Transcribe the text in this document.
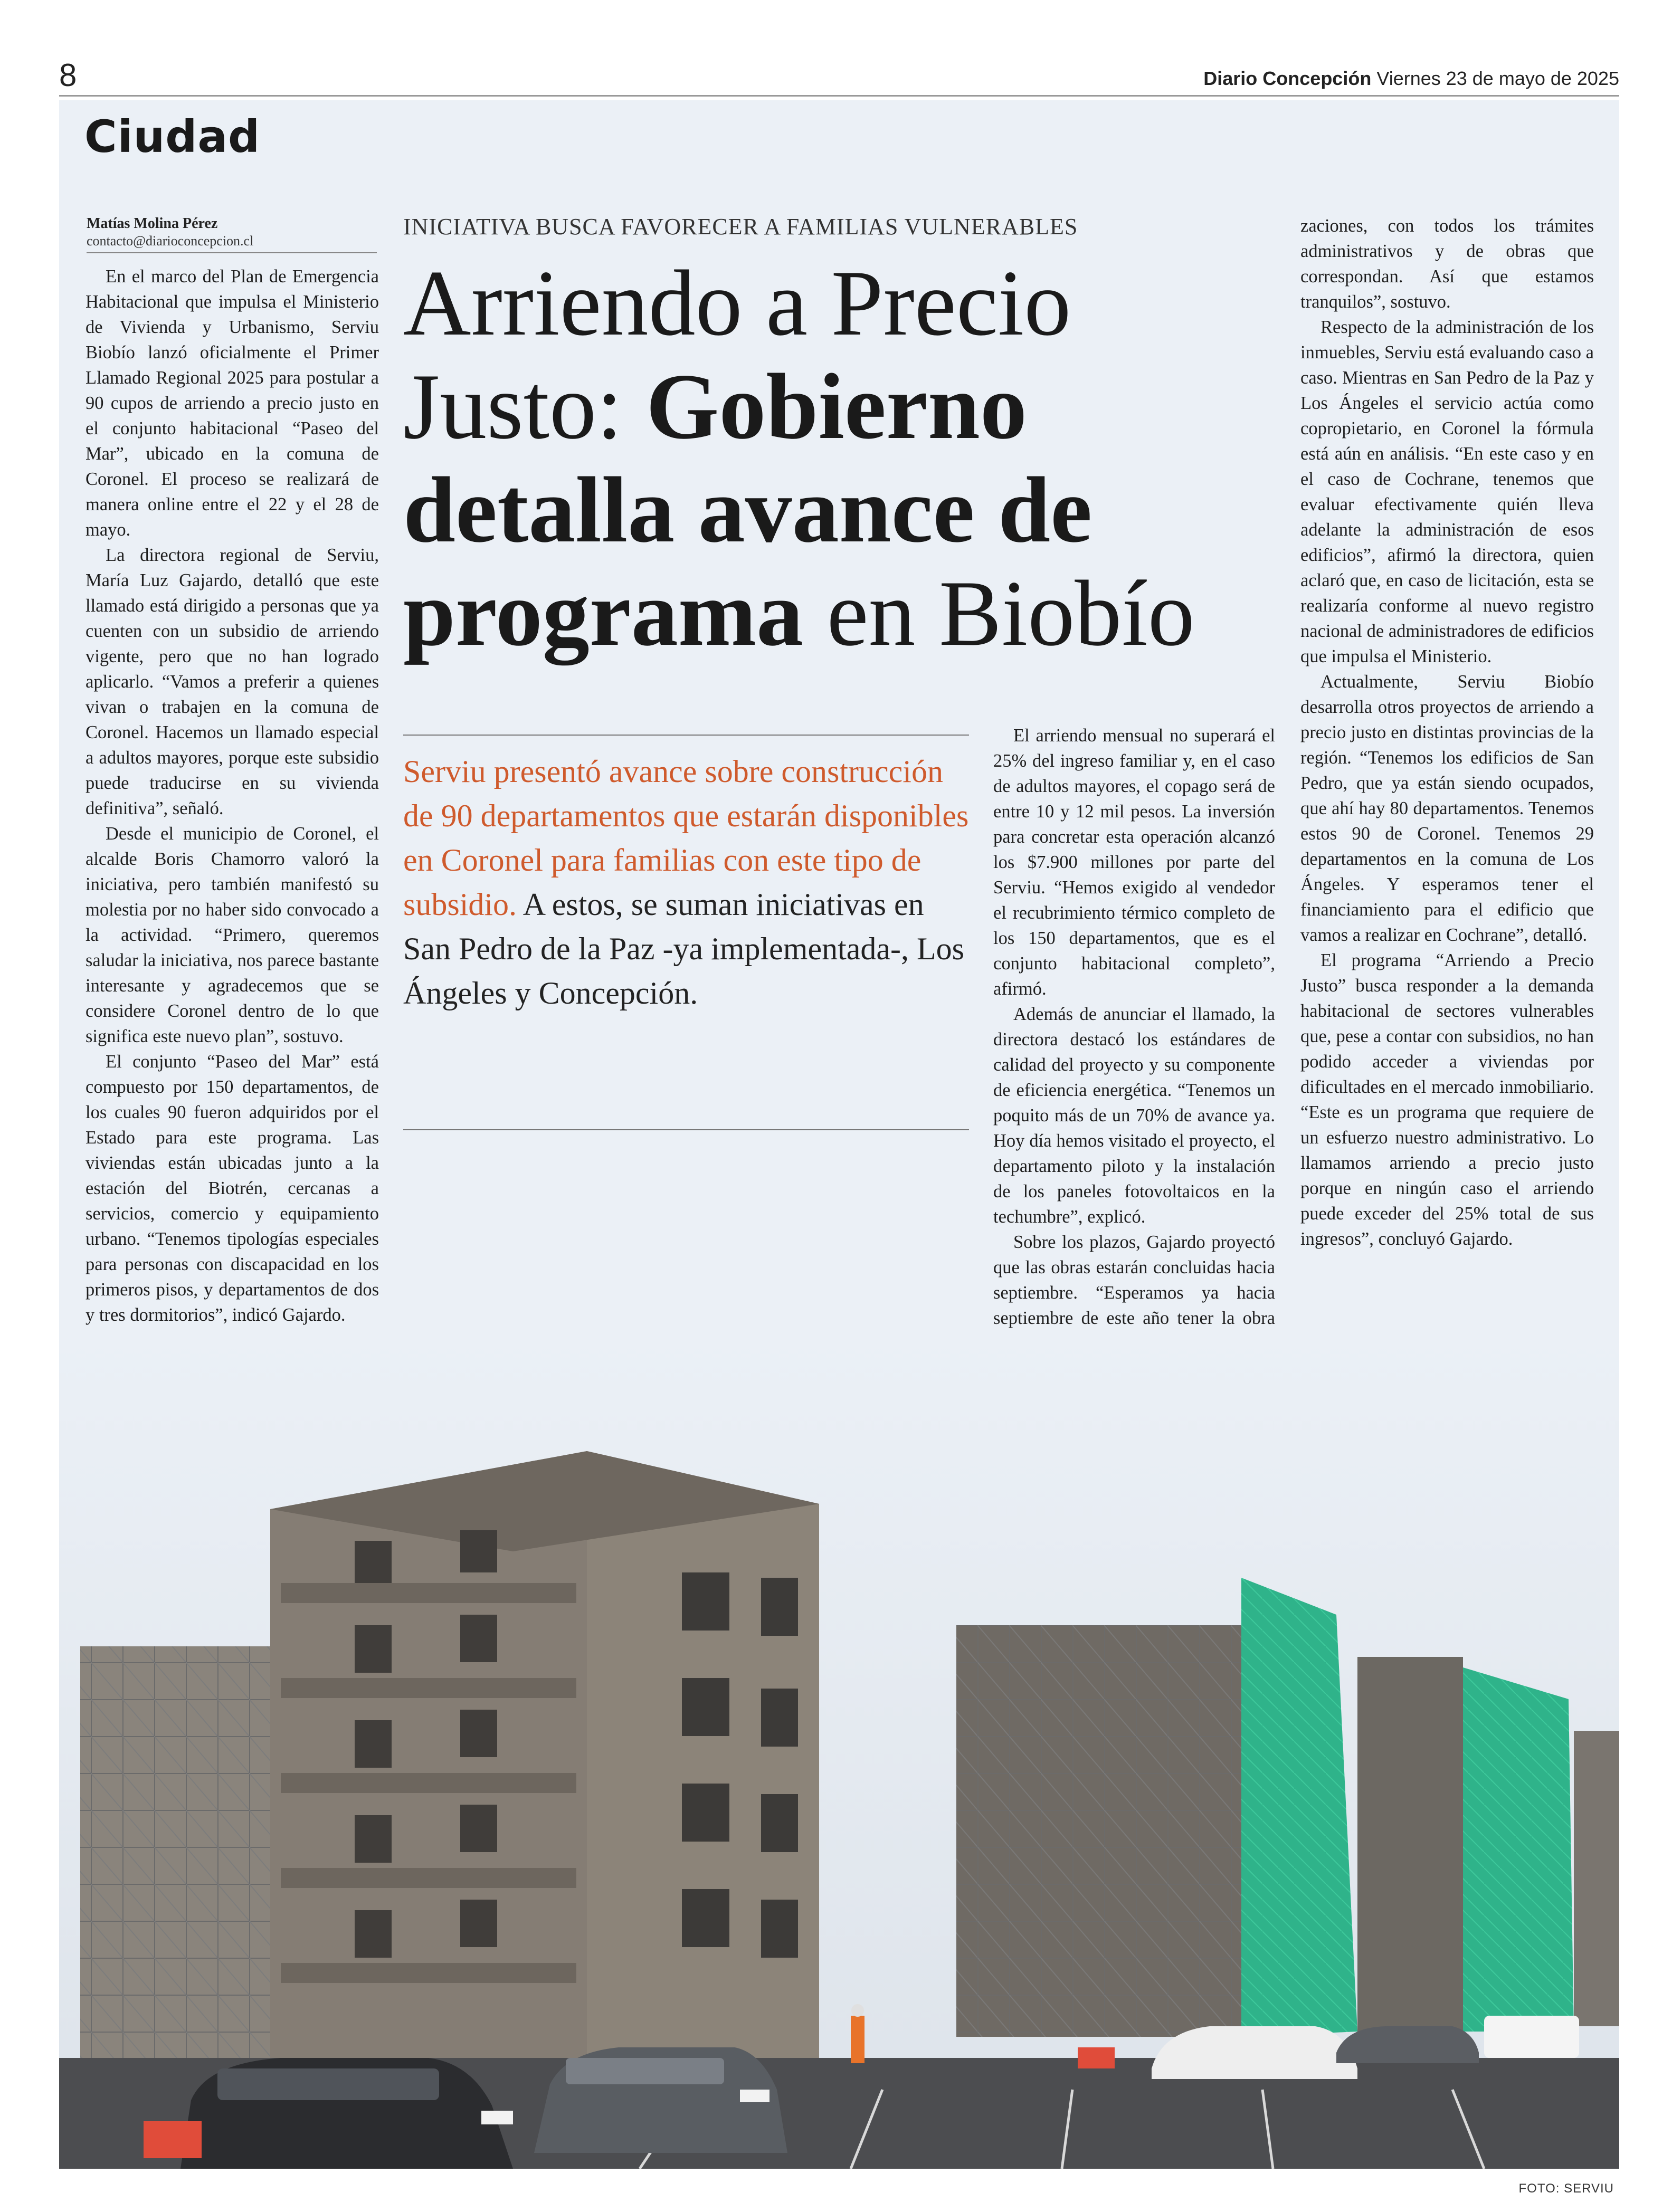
8	Diario Concepción Viernes 23 de mayo de 2025
Ciudad
Matías Molina Pérez
contacto@diarioconcepcion.cl

En el marco del Plan de Emergencia Habitacional que impulsa el Ministerio de Vivienda y Urbanismo, Serviu Biobío lanzó oficialmente el Primer Llamado Regional 2025 para postular a 90 cupos de arriendo a precio justo en el conjunto habitacional “Paseo del Mar”, ubicado en la comuna de Coronel. El proceso se realizará de manera online entre el 22 y el 28 de mayo.

La directora regional de Serviu, María Luz Gajardo, detalló que este llamado está dirigido a personas que ya cuenten con un subsidio de arriendo vigente, pero que no han logrado aplicarlo. “Vamos a preferir a quienes vivan o trabajen en la comuna de Coronel. Hacemos un llamado especial a adultos mayores, porque este subsidio puede traducirse en su vivienda definitiva”, señaló.

Desde el municipio de Coronel, el alcalde Boris Chamorro valoró la iniciativa, pero también manifestó su molestia por no haber sido convocado a la actividad. “Primero, queremos saludar la iniciativa, nos parece bastante interesante y agradecemos que se considere Coronel dentro de lo que significa este nuevo plan”, sostuvo.

El conjunto “Paseo del Mar” está compuesto por 150 departamentos, de los cuales 90 fueron adquiridos por el Estado para este programa. Las viviendas están ubicadas junto a la estación del Biotrén, cercanas a servicios, comercio y equipamiento urbano. “Tenemos tipologías especiales para personas con discapacidad en los primeros pisos, y departamentos de dos y tres dormitorios”, indicó Gajardo.

INICIATIVA BUSCA FAVORECER A FAMILIAS VULNERABLES
Arriendo a Precio Justo: Gobierno detalla avance de programa en Biobío
Serviu presentó avance sobre construcción de 90 departamentos que estarán disponibles en Coronel para familias con este tipo de subsidio. A estos, se suman iniciativas en San Pedro de la Paz -ya implementada-, Los Ángeles y Concepción.

El arriendo mensual no superará el 25% del ingreso familiar y, en el caso de adultos mayores, el copago será de entre 10 y 12 mil pesos. La inversión para concretar esta operación alcanzó los $7.900 millones por parte del Serviu. “Hemos exigido al vendedor el recubrimiento térmico completo de los 150 departamentos, que es el conjunto habitacional completo”, afirmó.

Además de anunciar el llamado, la directora destacó los estándares de calidad del proyecto y su componente de eficiencia energética. “Tenemos un poquito más de un 70% de avance ya. Hoy día hemos visitado el proyecto, el departamento piloto y la instalación de los paneles fotovoltaicos en la techumbre”, explicó.

Sobre los plazos, Gajardo proyectó que las obras estarán concluidas hacia septiembre. “Esperamos ya hacia septiembre de este año tener la obra

zaciones, con todos los trámites administrativos y de obras que correspondan. Así que estamos tranquilos”, sostuvo.

Respecto de la administración de los inmuebles, Serviu está evaluando caso a caso. Mientras en San Pedro de la Paz y Los Ángeles el servicio actúa como copropietario, en Coronel la fórmula está aún en análisis. “En este caso y en el caso de Cochrane, tenemos que evaluar efectivamente quién lleva adelante la administración de esos edificios”, afirmó la directora, quien aclaró que, en caso de licitación, esta se realizaría conforme al nuevo registro nacional de administradores de edificios que impulsa el Ministerio.

Actualmente, Serviu Biobío desarrolla otros proyectos de arriendo a precio justo en distintas provincias de la región. “Tenemos los edificios de San Pedro, que ya están siendo ocupados, que ahí hay 80 departamentos. Tenemos estos 90 de Coronel. Tenemos 29 departamentos en la comuna de Los Ángeles. Y esperamos tener el financiamiento para el edificio que vamos a realizar en Cochrane”, detalló.

El programa “Arriendo a Precio Justo” busca responder a la demanda habitacional de sectores vulnerables que, pese a contar con subsidios, no han podido acceder a viviendas por dificultades en el mercado inmobiliario. “Este es un programa que requiere de un esfuerzo nuestro administrativo. Lo llamamos arriendo a precio justo porque en ningún caso el arriendo puede exceder del 25% total de sus ingresos”, concluyó Gajardo.

FOTO: SERVIU
